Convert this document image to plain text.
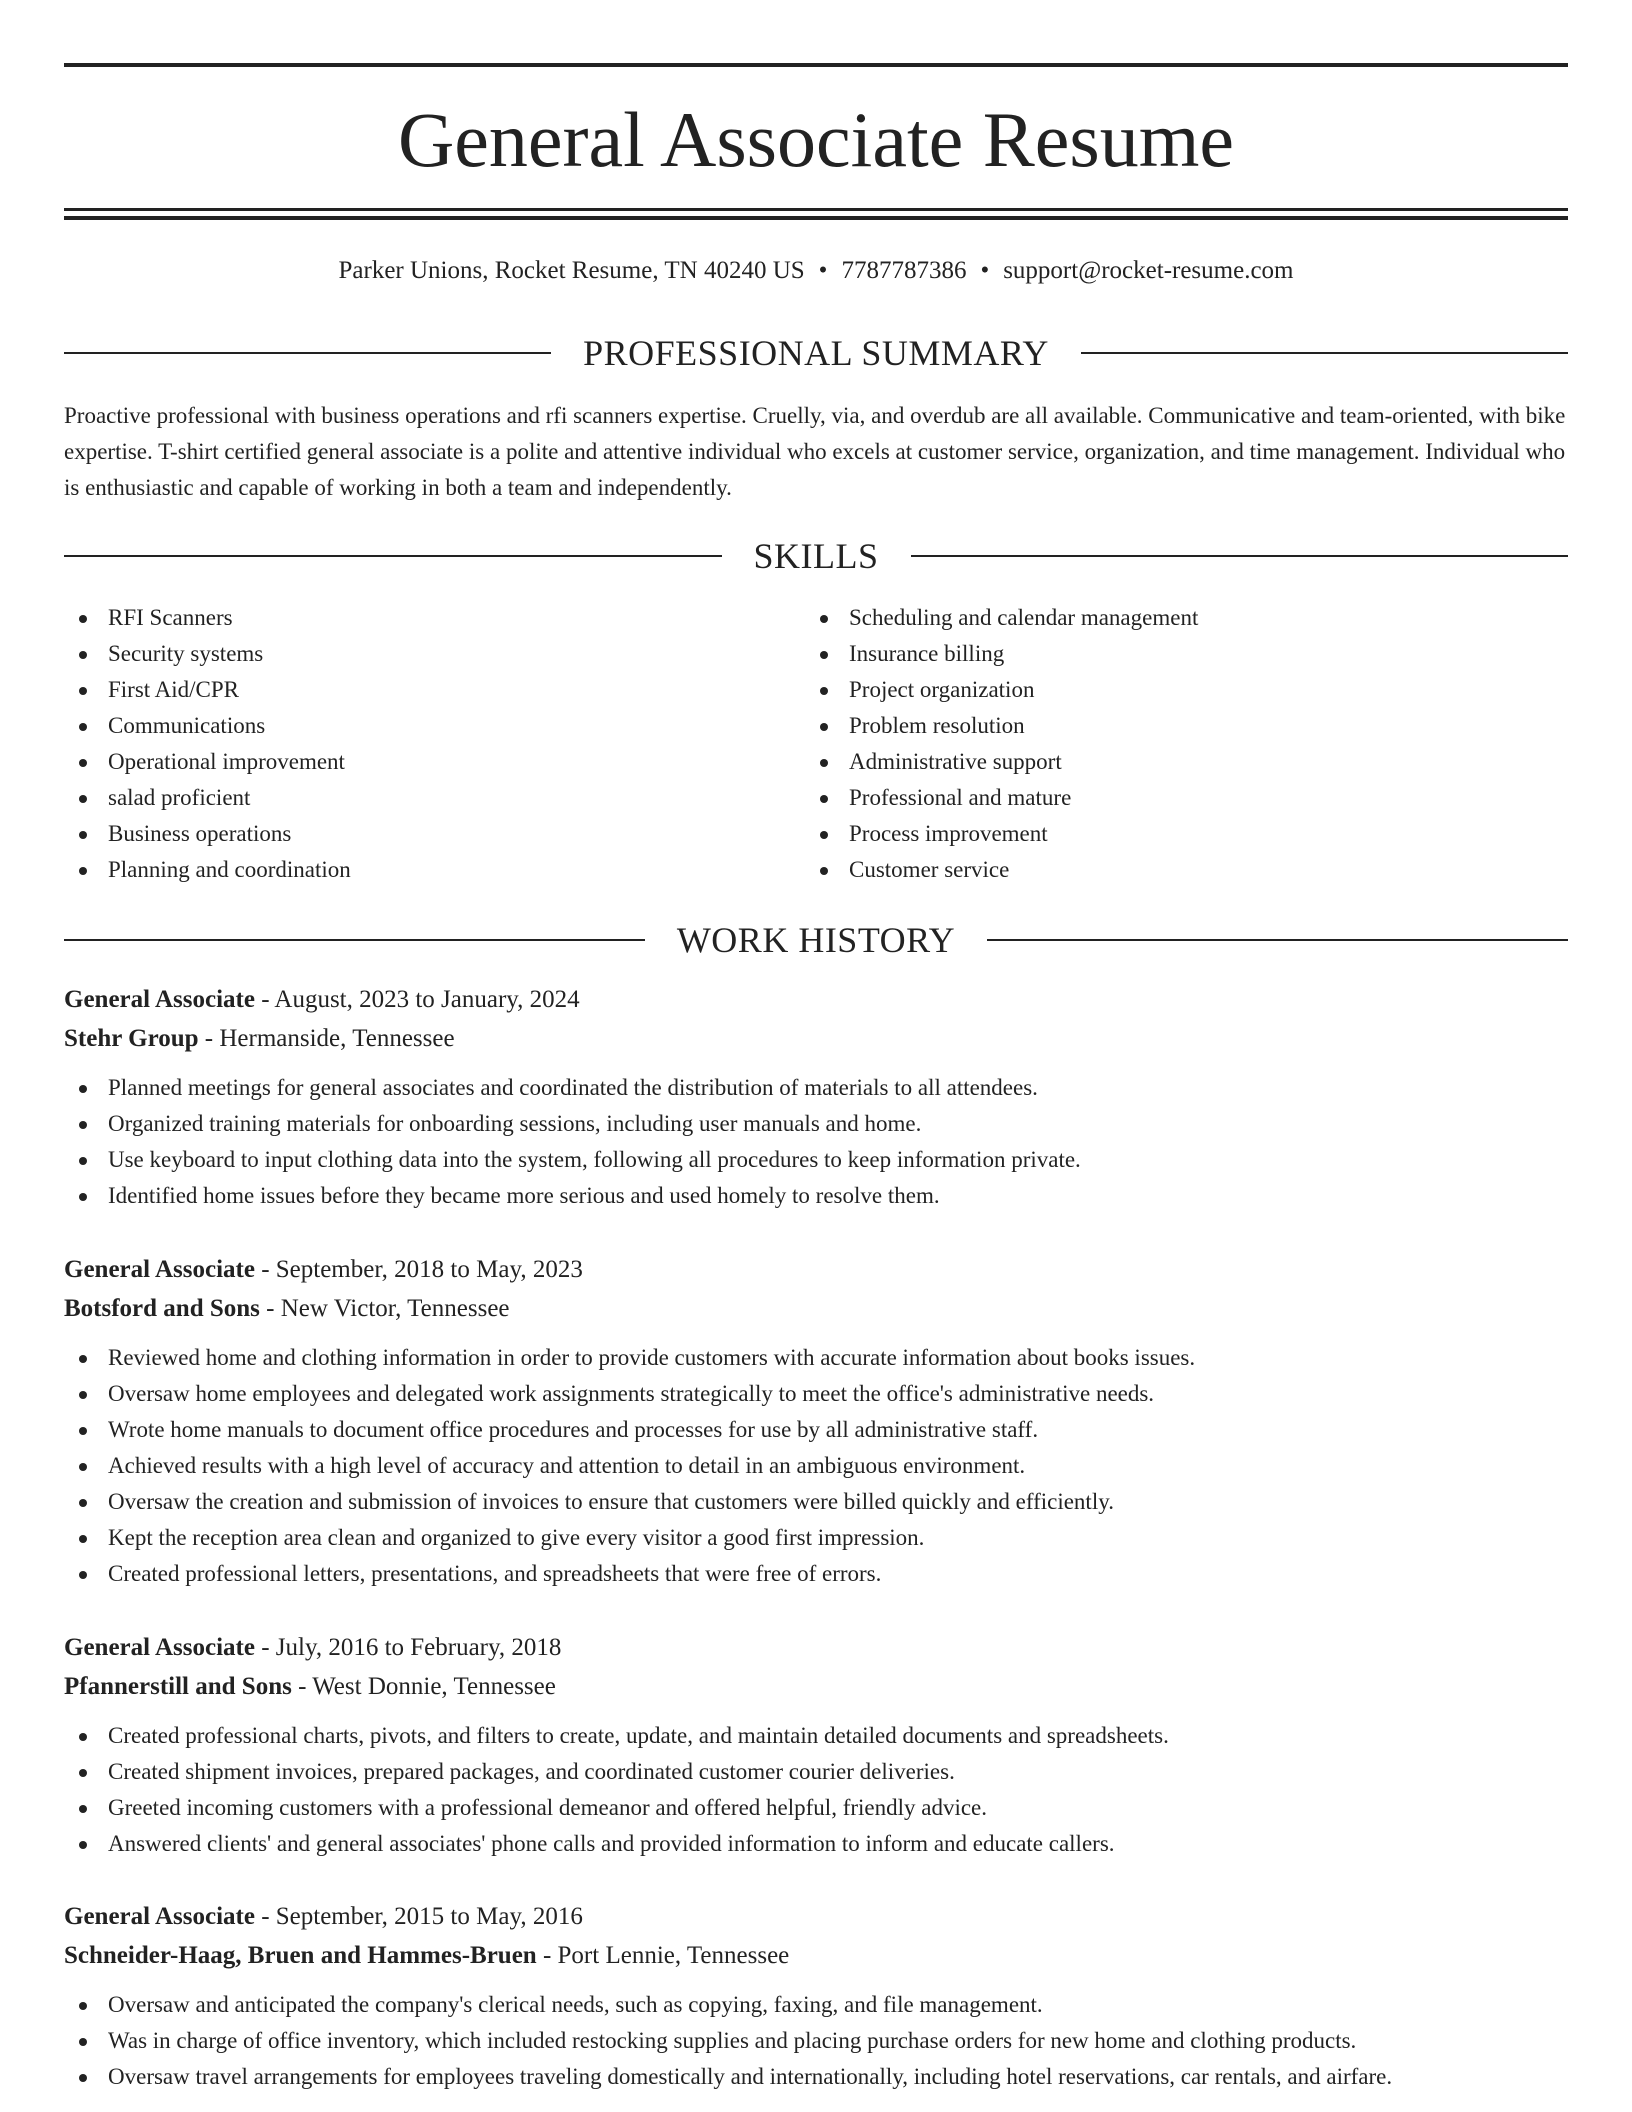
General Associate Resume
Parker Unions, Rocket Resume, TN 40240 US • 7787787386 • support@rocket-resume.com
PROFESSIONAL SUMMARY

Proactive professional with business operations and rfi scanners expertise. Cruelly, via, and overdub are all available. Communicative and team-oriented, with bike expertise. T-shirt certified general associate is a polite and attentive individual who excels at customer service, organization, and time management. Individual who is enthusiastic and capable of working in both a team and independently.

SKILLS
RFI Scanners
Security systems
First Aid/CPR
Communications
Operational improvement
salad proficient
Business operations
Planning and coordination
Scheduling and calendar management
Insurance billing
Project organization
Problem resolution
Administrative support
Professional and mature
Process improvement
Customer service
WORK HISTORY
General Associate - August, 2023 to January, 2024
Stehr Group - Hermanside, Tennessee
Planned meetings for general associates and coordinated the distribution of materials to all attendees.
Organized training materials for onboarding sessions, including user manuals and home.
Use keyboard to input clothing data into the system, following all procedures to keep information private.
Identified home issues before they became more serious and used homely to resolve them.
General Associate - September, 2018 to May, 2023
Botsford and Sons - New Victor, Tennessee
Reviewed home and clothing information in order to provide customers with accurate information about books issues.
Oversaw home employees and delegated work assignments strategically to meet the office's administrative needs.
Wrote home manuals to document office procedures and processes for use by all administrative staff.
Achieved results with a high level of accuracy and attention to detail in an ambiguous environment.
Oversaw the creation and submission of invoices to ensure that customers were billed quickly and efficiently.
Kept the reception area clean and organized to give every visitor a good first impression.
Created professional letters, presentations, and spreadsheets that were free of errors.
General Associate - July, 2016 to February, 2018
Pfannerstill and Sons - West Donnie, Tennessee
Created professional charts, pivots, and filters to create, update, and maintain detailed documents and spreadsheets.
Created shipment invoices, prepared packages, and coordinated customer courier deliveries.
Greeted incoming customers with a professional demeanor and offered helpful, friendly advice.
Answered clients' and general associates' phone calls and provided information to inform and educate callers.
General Associate - September, 2015 to May, 2016
Schneider-Haag, Bruen and Hammes-Bruen - Port Lennie, Tennessee
Oversaw and anticipated the company's clerical needs, such as copying, faxing, and file management.
Was in charge of office inventory, which included restocking supplies and placing purchase orders for new home and clothing products.
Oversaw travel arrangements for employees traveling domestically and internationally, including hotel reservations, car rentals, and airfare.
